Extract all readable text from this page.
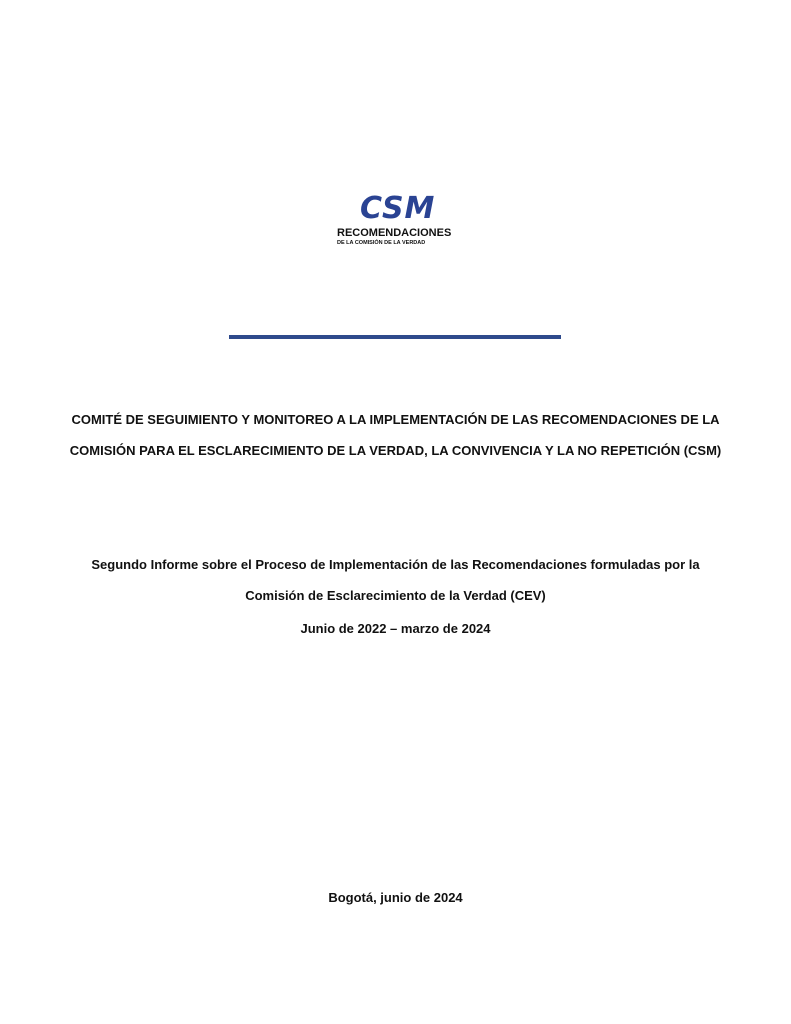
CSM
RECOMENDACIONES
DE LA COMISIÓN DE LA VERDAD
COMITÉ DE SEGUIMIENTO Y MONITOREO A LA IMPLEMENTACIÓN DE LAS RECOMENDACIONES DE LA
COMISIÓN PARA EL ESCLARECIMIENTO DE LA VERDAD, LA CONVIVENCIA Y LA NO REPETICIÓN (CSM)
Segundo Informe sobre el Proceso de Implementación de las Recomendaciones formuladas por la
Comisión de Esclarecimiento de la Verdad (CEV)
Junio de 2022 – marzo de 2024
Bogotá, junio de 2024
